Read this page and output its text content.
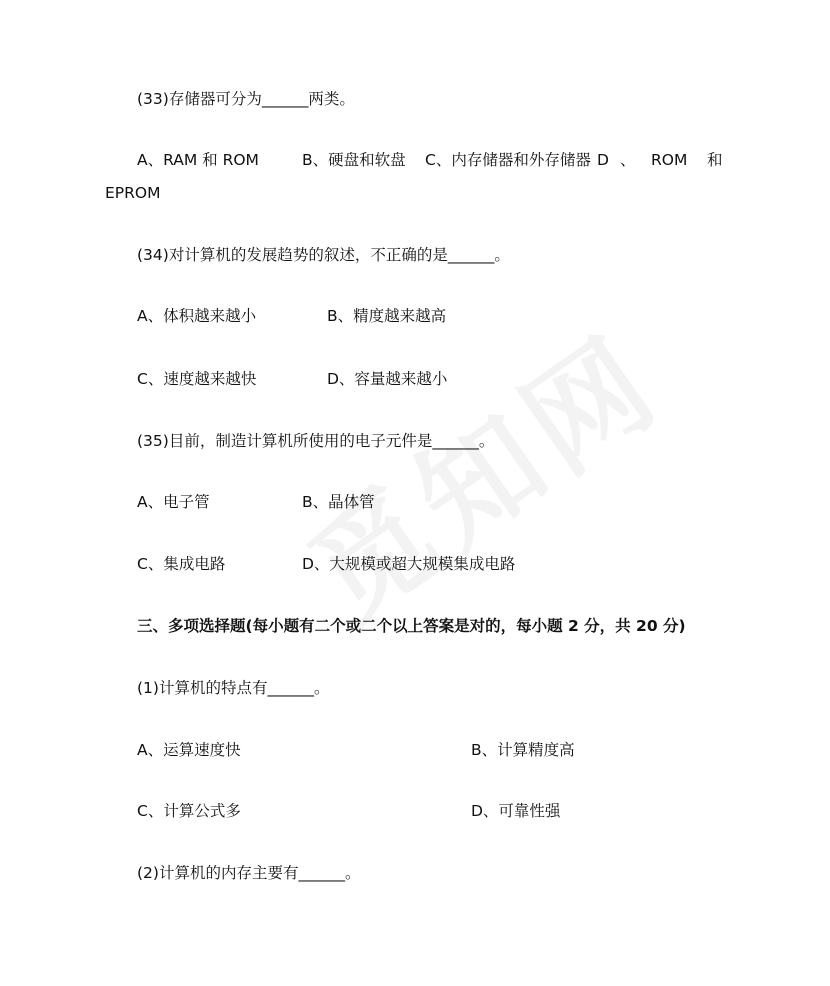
(33)存储器可分为______两类。
A、RAM 和 ROM	B、硬盘和软盘 C、内存储器和外存储器 D 、 ROM 和
EPROM
(34)对计算机的发展趋势的叙述，不正确的是______。
A、体积越来越小	B、精度越来越高
C、速度越来越快	D、容量越来越小
(35)目前，制造计算机所使用的电子元件是______。
A、电子管	B、晶体管
C、集成电路	D、大规模或超大规模集成电路
三、多项选择题(每小题有二个或二个以上答案是对的，每小题 2 分，共 20 分)
(1)计算机的特点有______。
A、运算速度快	B、计算精度高
C、计算公式多	D、可靠性强
(2)计算机的内存主要有______。
